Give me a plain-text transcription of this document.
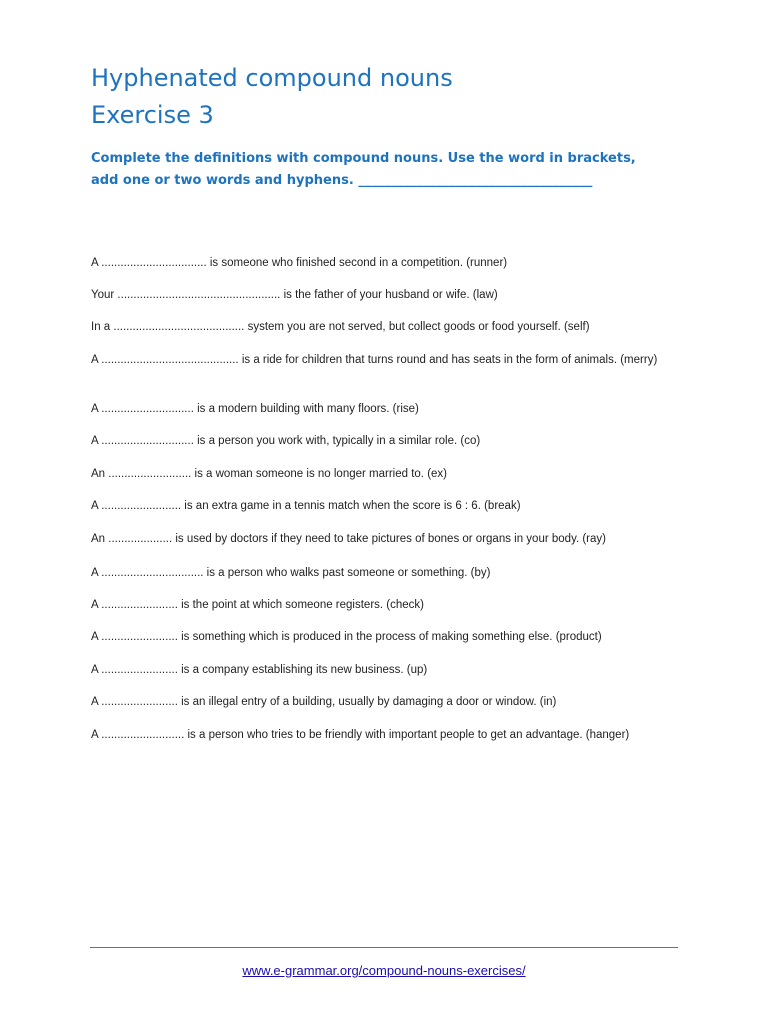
Hyphenated compound nouns
Exercise 3

Complete the definitions with compound nouns. Use the word in brackets,

add one or two words and hyphens. ____________________________________

A ................................. is someone who finished second in a competition. (runner)

Your ................................................... is the father of your husband or wife. (law)

In a ......................................... system you are not served, but collect goods or food yourself. (self)

A ........................................... is a ride for children that turns round and has seats in the form of animals. (merry)

A ............................. is a modern building with many floors. (rise)

A ............................. is a person you work with, typically in a similar role. (co)

An .......................... is a woman someone is no longer married to. (ex)

A ......................... is an extra game in a tennis match when the score is 6 : 6. (break)

An .................... is used by doctors if they need to take pictures of bones or organs in your body. (ray)

A ................................ is a person who walks past someone or something. (by)

A ........................ is the point at which someone registers. (check)

A ........................ is something which is produced in the process of making something else. (product)

A ........................ is a company establishing its new business. (up)

A ........................ is an illegal entry of a building, usually by damaging a door or window. (in)

A .......................... is a person who tries to be friendly with important people to get an advantage. (hanger)

www.e-grammar.org/compound-nouns-exercises/
